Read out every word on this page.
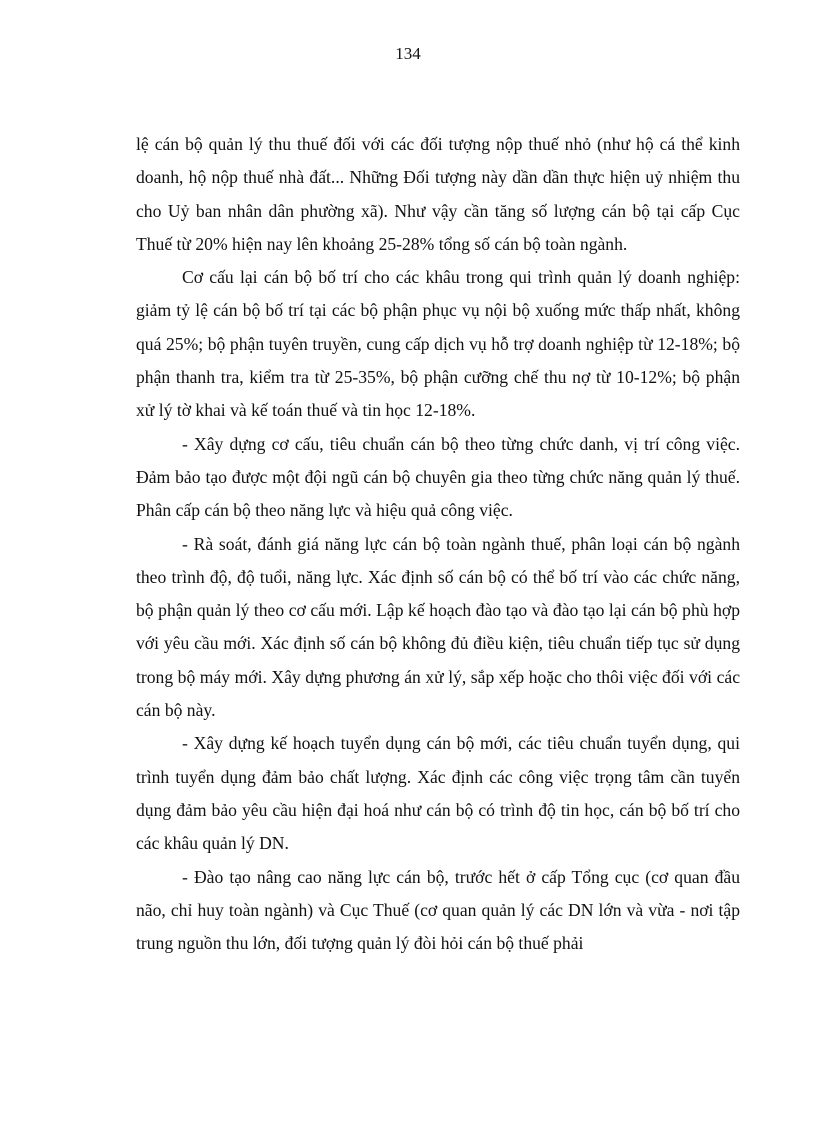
134

lệ cán bộ quản lý thu thuế đối với các đối tượng nộp thuế nhỏ (như hộ cá thể kinh doanh, hộ nộp thuế nhà đất... Những Đối tượng này dần dần thực hiện uỷ nhiệm thu cho Uỷ ban nhân dân phường xã). Như vậy cần tăng số lượng cán bộ tại cấp Cục Thuế từ 20% hiện nay lên khoảng 25-28% tổng số cán bộ toàn ngành.

Cơ cấu lại cán bộ bố trí cho các khâu trong qui trình quản lý doanh nghiệp: giảm tỷ lệ cán bộ bố trí tại các bộ phận phục vụ nội bộ xuống mức thấp nhất, không quá 25%; bộ phận tuyên truyền, cung cấp dịch vụ hỗ trợ doanh nghiệp từ 12-18%; bộ phận thanh tra, kiểm tra từ 25-35%, bộ phận cưỡng chế thu nợ từ 10-12%; bộ phận xử lý tờ khai và kế toán thuế và tin học 12-18%.

- Xây dựng cơ cấu, tiêu chuẩn cán bộ theo từng chức danh, vị trí công việc. Đảm bảo tạo được một đội ngũ cán bộ chuyên gia theo từng chức năng quản lý thuế. Phân cấp cán bộ theo năng lực và hiệu quả công việc.

- Rà soát, đánh giá năng lực cán bộ toàn ngành thuế, phân loại cán bộ ngành theo trình độ, độ tuổi, năng lực. Xác định số cán bộ có thể bố trí vào các chức năng, bộ phận quản lý theo cơ cấu mới. Lập kế hoạch đào tạo và đào tạo lại cán bộ phù hợp với yêu cầu mới. Xác định số cán bộ không đủ điều kiện, tiêu chuẩn tiếp tục sử dụng trong bộ máy mới. Xây dựng phương án xử lý, sắp xếp hoặc cho thôi việc đối với các cán bộ này.

- Xây dựng kế hoạch tuyển dụng cán bộ mới, các tiêu chuẩn tuyển dụng, qui trình tuyển dụng đảm bảo chất lượng. Xác định các công việc trọng tâm cần tuyển dụng đảm bảo yêu cầu hiện đại hoá như cán bộ có trình độ tin học, cán bộ bố trí cho các khâu quản lý DN.

- Đào tạo nâng cao năng lực cán bộ, trước hết ở cấp Tổng cục (cơ quan đầu não, chỉ huy toàn ngành) và Cục Thuế (cơ quan quản lý các DN lớn và vừa - nơi tập trung nguồn thu lớn, đối tượng quản lý đòi hỏi cán bộ thuế phải
